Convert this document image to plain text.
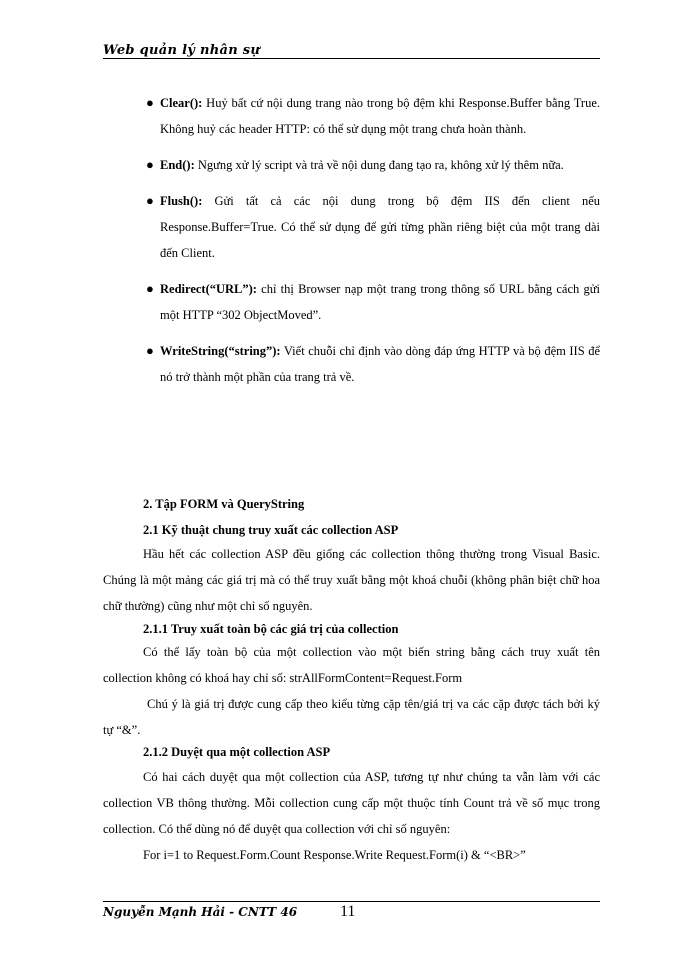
Web quản lý nhân sự
● Clear(): Huỷ bất cứ nội dung trang nào trong bộ đệm khi Response.Buffer bằng True. Không huỷ các header HTTP: có thể sử dụng một trang chưa hoàn thành.
● End(): Ngưng xử lý script và trả về nội dung đang tạo ra, không xử lý thêm nữa.
● Flush(): Gửi tất cả các nội dung trong bộ đệm IIS đến client nếu Response.Buffer=True. Có thể sử dụng để gửi từng phần riêng biệt của một trang dài đến Client.
● Redirect(“URL”): chỉ thị Browser nạp một trang trong thông số URL bằng cách gửi một HTTP “302 ObjectMoved”.
● WriteString(“string”): Viết chuỗi chỉ định vào dòng đáp ứng HTTP và bộ đệm IIS để nó trở thành một phần của trang trả về.
2. Tập FORM và QueryString
2.1 Kỹ thuật chung truy xuất các collection ASP
Hầu hết các collection ASP đều giống các collection thông thường trong Visual Basic. Chúng là một mảng các giá trị mà có thể truy xuất bằng một khoá chuỗi (không phân biệt chữ hoa chữ thường) cũng như một chỉ số nguyên.
2.1.1 Truy xuất toàn bộ các giá trị của collection
Có thể lấy toàn bộ của một collection vào một biến string bằng cách truy xuất tên collection không có khoá hay chỉ số: strAllFormContent=Request.Form
Chú ý là giá trị được cung cấp theo kiểu từng cặp tên/giá trị va các cặp được tách bởi ký tự “&”.
2.1.2 Duyệt qua một collection ASP
Có hai cách duyệt qua một collection của ASP, tương tự như chúng ta vẫn làm với các collection VB thông thường. Mỗi collection cung cấp một thuộc tính Count trả về số mục trong collection. Có thể dùng nó để duyệt qua collection với chỉ số nguyên:
For i=1 to Request.Form.Count Response.Write Request.Form(i) & “<BR>”
Nguyễn Mạnh Hải - CNTT 46	11
